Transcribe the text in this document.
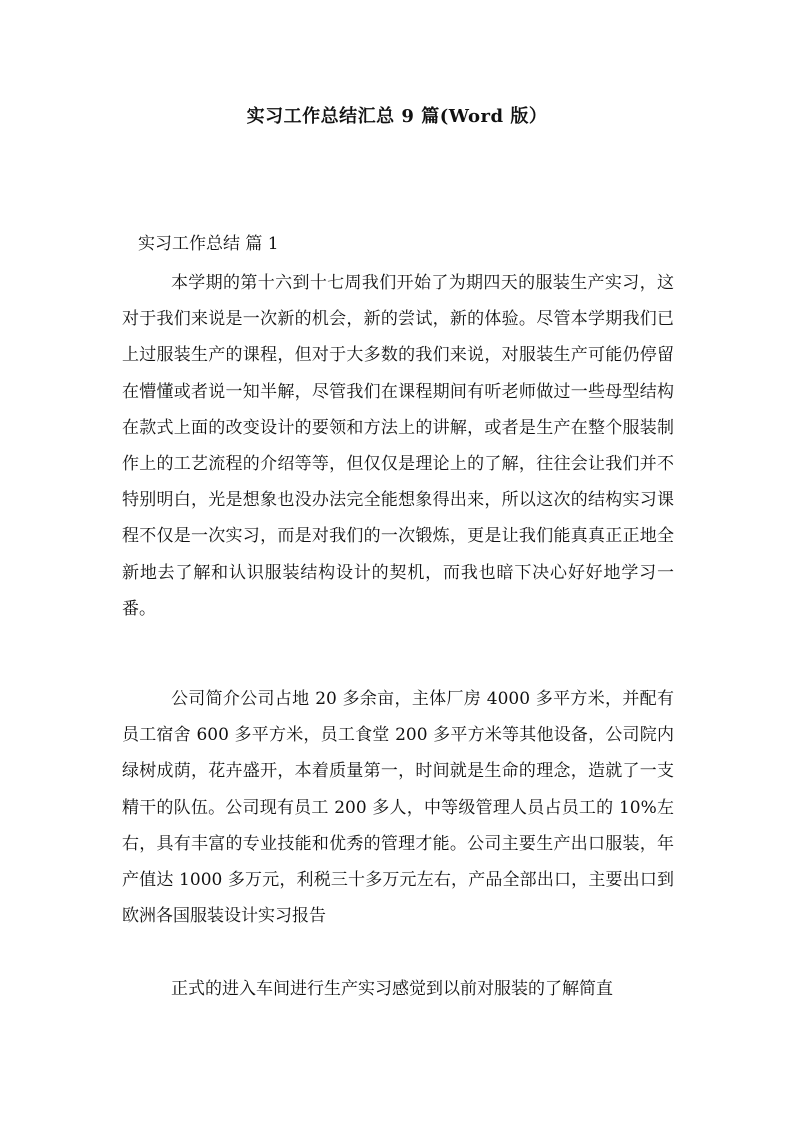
实习工作总结汇总 9 篇(Word 版）
实习工作总结 篇 1

本学期的第十六到十七周我们开始了为期四天的服装生产实习，这对于我们来说是一次新的机会，新的尝试，新的体验。尽管本学期我们已上过服装生产的课程，但对于大多数的我们来说，对服装生产可能仍停留在懵懂或者说一知半解，尽管我们在课程期间有听老师做过一些母型结构在款式上面的改变设计的要领和方法上的讲解，或者是生产在整个服装制作上的工艺流程的介绍等等，但仅仅是理论上的了解，往往会让我们并不特别明白，光是想象也没办法完全能想象得出来，所以这次的结构实习课程不仅是一次实习，而是对我们的一次锻炼，更是让我们能真真正正地全新地去了解和认识服装结构设计的契机，而我也暗下决心好好地学习一番。

公司简介公司占地 20 多余亩，主体厂房 4000 多平方米，并配有员工宿舍 600 多平方米，员工食堂 200 多平方米等其他设备，公司院内绿树成荫，花卉盛开，本着质量第一，时间就是生命的理念，造就了一支精干的队伍。公司现有员工 200 多人，中等级管理人员占员工的 10%左右，具有丰富的专业技能和优秀的管理才能。公司主要生产出口服装，年产值达 1000 多万元，利税三十多万元左右，产品全部出口，主要出口到欧洲各国服装设计实习报告

正式的进入车间进行生产实习感觉到以前对服装的了解简直
